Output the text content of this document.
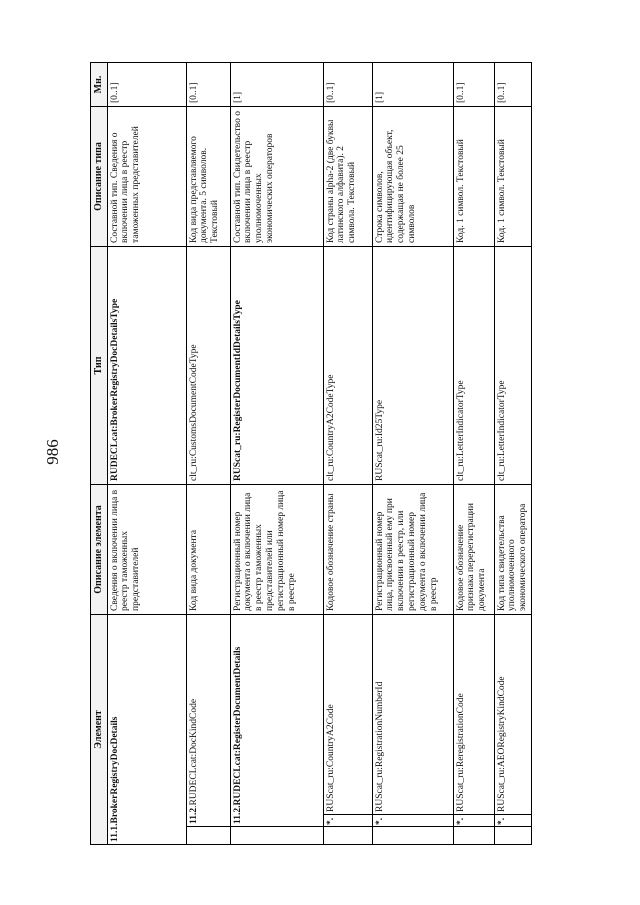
986
Элемент			Описание элемента	Тип	Описание типа	Мн.
11.1.BrokerRegistryDocDetails			Сведения о включении лица в реестр таможенных представителей	RUDECLcat:BrokerRegistryDocDetailsType	Составной тип. Сведения о включении лица в реестр таможенных представителей	[0..1]
	11.2.RUDECLcat:DocKindCode		Код вида документа	clt_ru:CustomsDocumentCodeType	Код вида представляемого документа. 5 символов. Текстовый	[0..1]
	11.2.RUDECLcat:RegisterDocumentDetails		Регистрационный номер документа о включении лица в реестр таможенных представителей или регистрационный номер лица в реестре	RUScat_ru:RegisterDocumentIdDetailsType	Составной тип. Свидетельство о включении лица в реестр уполномоченных экономических операторов	[1]
	*.	RUScat_ru:CountryA2Code	Кодовое обозначение страны	clt_ru:CountryA2CodeType	Код страны alpha-2 (две буквы латинского алфавита). 2 символа. Текстовый	[0..1]
	*.	RUScat_ru:RegistrationNumberId	Регистрационный номер лица, присвоенный ему при включении в реестр, или регистрационный номер документа о включении лица в реестр	RUScat_ru:Id25Type	Строка символов, идентифицирующая объект, содержащая не более 25 символов	[1]
	*.	RUScat_ru:ReregistrationCode	Кодовое обозначение признака перерегистрации документа	clt_ru:LetterIndicatorType	Код. 1 символ. Текстовый	[0..1]
	*.	RUScat_ru:AEORegistryKindCode	Код типа свидетельства уполномоченного экономического оператора	clt_ru:LetterIndicatorType	Код. 1 символ. Текстовый	[0..1]
